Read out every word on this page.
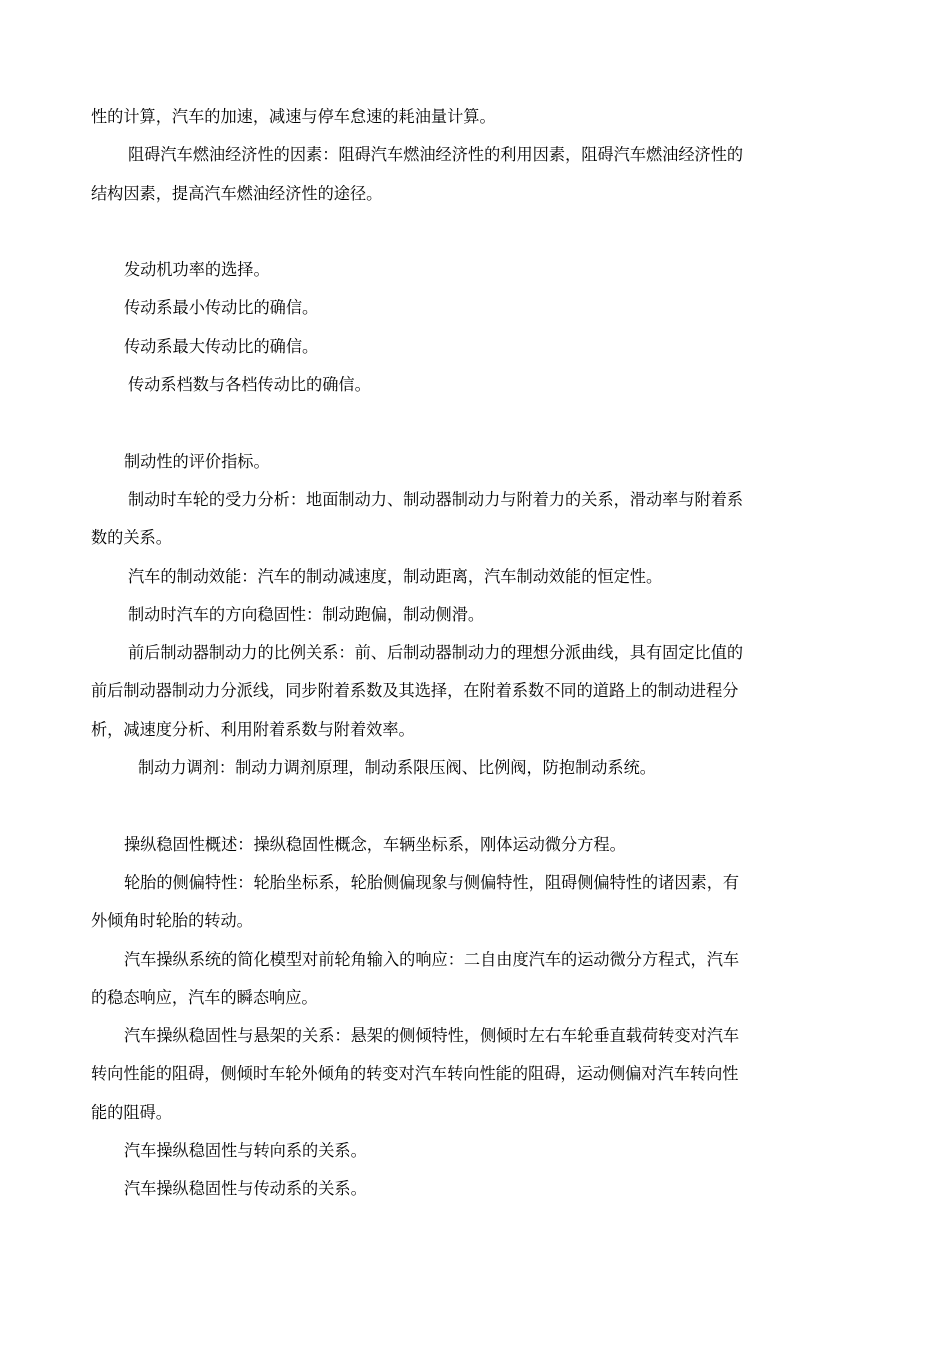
性的计算，汽车的加速，减速与停车怠速的耗油量计算。
阻碍汽车燃油经济性的因素：阻碍汽车燃油经济性的利用因素，阻碍汽车燃油经济性的
结构因素，提高汽车燃油经济性的途径。
发动机功率的选择。
传动系最小传动比的确信。
传动系最大传动比的确信。
传动系档数与各档传动比的确信。
制动性的评价指标。
制动时车轮的受力分析：地面制动力、制动器制动力与附着力的关系，滑动率与附着系
数的关系。
汽车的制动效能：汽车的制动减速度，制动距离，汽车制动效能的恒定性。
制动时汽车的方向稳固性：制动跑偏，制动侧滑。
前后制动器制动力的比例关系：前、后制动器制动力的理想分派曲线，具有固定比值的
前后制动器制动力分派线，同步附着系数及其选择，在附着系数不同的道路上的制动进程分
析，减速度分析、利用附着系数与附着效率。
制动力调剂：制动力调剂原理，制动系限压阀、比例阀，防抱制动系统。
操纵稳固性概述：操纵稳固性概念，车辆坐标系，刚体运动微分方程。
轮胎的侧偏特性：轮胎坐标系，轮胎侧偏现象与侧偏特性，阻碍侧偏特性的诸因素，有
外倾角时轮胎的转动。
汽车操纵系统的简化模型对前轮角输入的响应：二自由度汽车的运动微分方程式，汽车
的稳态响应，汽车的瞬态响应。
汽车操纵稳固性与悬架的关系：悬架的侧倾特性，侧倾时左右车轮垂直载荷转变对汽车
转向性能的阻碍，侧倾时车轮外倾角的转变对汽车转向性能的阻碍，运动侧偏对汽车转向性
能的阻碍。
汽车操纵稳固性与转向系的关系。
汽车操纵稳固性与传动系的关系。
